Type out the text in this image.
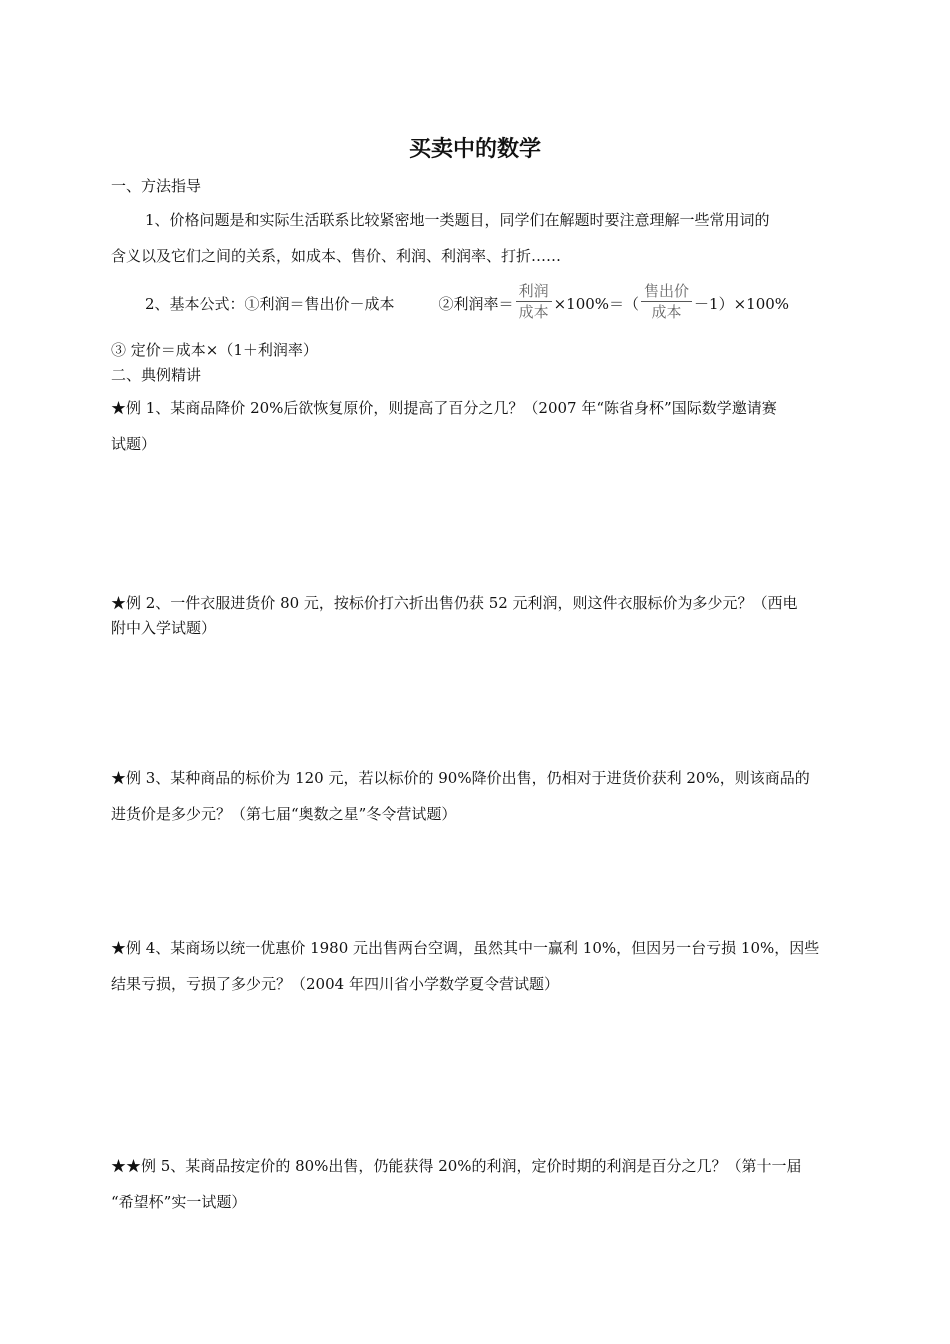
买卖中的数学
一、方法指导
1、价格问题是和实际生活联系比较紧密地一类题目，同学们在解题时要注意理解一些常用词的
含义以及它们之间的关系，如成本、售价、利润、利润率、打折……
2、基本公式：①利润＝售出价－成本	②利润率＝ $\frac{\text{利润}}{\text{成本}} \times 100\%=( \frac{\text{售出价}}{\text{成本}} -1)\times 100\%$
③ 定价＝成本×（1＋利润率）
二、典例精讲
★例 1、某商品降价 20%后欲恢复原价，则提高了百分之几？（2007 年“陈省身杯”国际数学邀请赛
试题）
★例 2、一件衣服进货价 80 元，按标价打六折出售仍获 52 元利润，则这件衣服标价为多少元？（西电
附中入学试题）
★例 3、某种商品的标价为 120 元，若以标价的 90%降价出售，仍相对于进货价获利 20%，则该商品的
进货价是多少元？（第七届“奥数之星”冬令营试题）
★例 4、某商场以统一优惠价 1980 元出售两台空调，虽然其中一赢利 10%，但因另一台亏损 10%，因些
结果亏损，亏损了多少元？（2004 年四川省小学数学夏令营试题）
★★例 5、某商品按定价的 80%出售，仍能获得 20%的利润，定价时期的利润是百分之几？（第十一届
“希望杯”实一试题）
